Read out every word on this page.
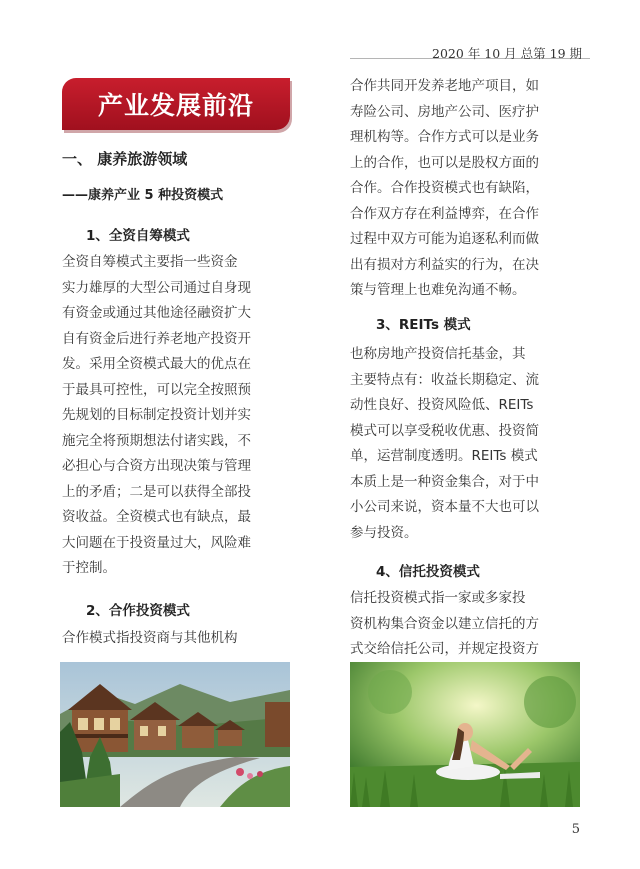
2020 年 10 月 总第 19 期
产业发展前沿
一、 康养旅游领域
——康养产业 5 种投资模式
1、全资自筹模式
全资自筹模式主要指一些资金
实力雄厚的大型公司通过自身现
有资金或通过其他途径融资扩大
自有资金后进行养老地产投资开
发。采用全资模式最大的优点在
于最具可控性，可以完全按照预
先规划的目标制定投资计划并实
施完全将预期想法付诸实践，不
必担心与合资方出现决策与管理
上的矛盾；二是可以获得全部投
资收益。全资模式也有缺点，最
大问题在于投资量过大，风险难
于控制。
2、合作投资模式
合作模式指投资商与其他机构
合作共同开发养老地产项目，如
寿险公司、房地产公司、医疗护
理机构等。合作方式可以是业务
上的合作，也可以是股权方面的
合作。合作投资模式也有缺陷，
合作双方存在利益博弈，在合作
过程中双方可能为追逐私利而做
出有损对方利益实的行为，在决
策与管理上也难免沟通不畅。
3、REITs 模式
也称房地产投资信托基金，其
主要特点有：收益长期稳定、流
动性良好、投资风险低、REITs
模式可以享受税收优惠、投资简
单，运营制度透明。REITs 模式
本质上是一种资金集合，对于中
小公司来说，资本量不大也可以
参与投资。
4、信托投资模式
信托投资模式指一家或多家投
资机构集合资金以建立信托的方
式交给信托公司，并规定投资方
5
